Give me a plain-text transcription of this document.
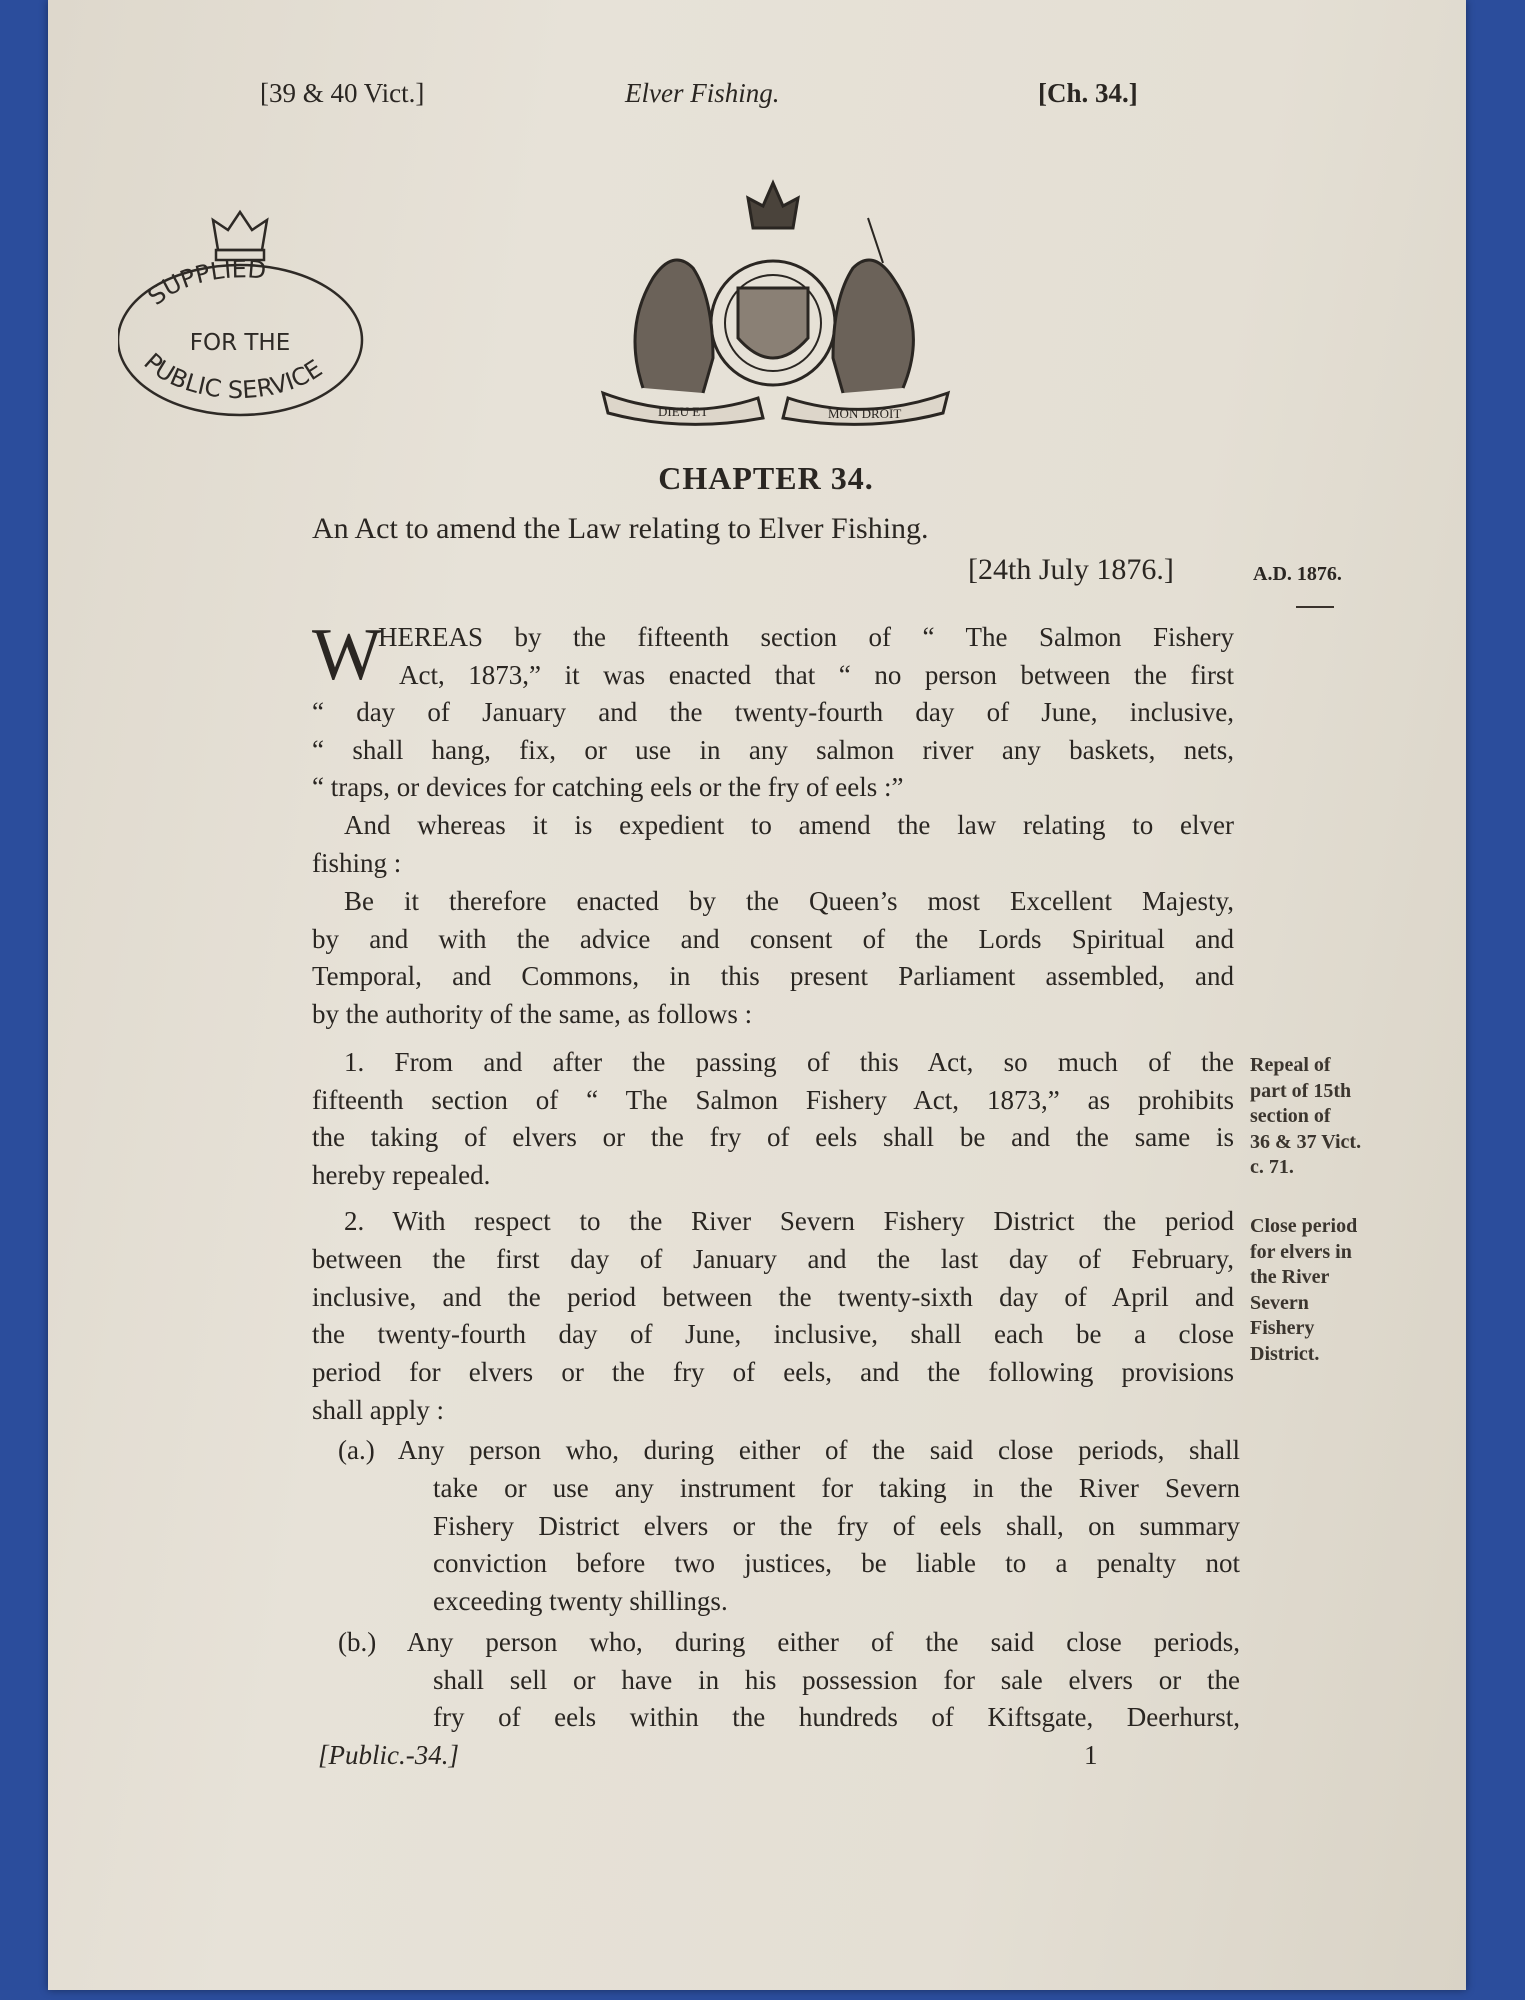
[39 & 40 Vict.]	Elver Fishing.	[Ch. 34.]
SUPPLIED
FOR THE
PUBLIC SERVICE
DIEU ET	MON DROIT
CHAPTER 34.
An Act to amend the Law relating to Elver Fishing.
[24th July 1876.]	A.D. 1876.
W
HEREAS by the fifteenth section of “ The Salmon Fishery
Act, 1873,” it was enacted that “ no person between the first
“ day of January and the twenty-fourth day of June, inclusive,
“ shall hang, fix, or use in any salmon river any baskets, nets,
“ traps, or devices for catching eels or the fry of eels :”
And whereas it is expedient to amend the law relating to elver
fishing :
Be it therefore enacted by the Queen’s most Excellent Majesty,
by and with the advice and consent of the Lords Spiritual and
Temporal, and Commons, in this present Parliament assembled, and
by the authority of the same, as follows :
1. From and after the passing of this Act, so much of the
fifteenth section of “ The Salmon Fishery Act, 1873,” as prohibits
the taking of elvers or the fry of eels shall be and the same is
hereby repealed.
2. With respect to the River Severn Fishery District the period
between the first day of January and the last day of February,
inclusive, and the period between the twenty-sixth day of April and
the twenty-fourth day of June, inclusive, shall each be a close
period for elvers or the fry of eels, and the following provisions
shall apply :
(a.) Any person who, during either of the said close periods, shall
take or use any instrument for taking in the River Severn
Fishery District elvers or the fry of eels shall, on summary
conviction before two justices, be liable to a penalty not
exceeding twenty shillings.
(b.) Any person who, during either of the said close periods,
shall sell or have in his possession for sale elvers or the
fry of eels within the hundreds of Kiftsgate, Deerhurst,
Repeal of
part of 15th
section of
36 & 37 Vict.
c. 71.
Close period
for elvers in
the River
Severn
Fishery
District.
[Public.-34.]	1
